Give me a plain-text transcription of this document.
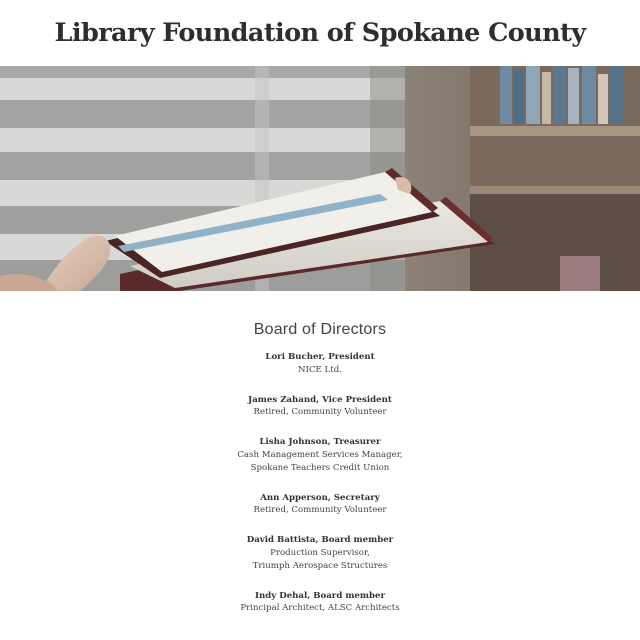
Library Foundation of Spokane County
Board of Directors
Lori Bucher, President
NICE Ltd.
James Zahand, Vice President
Retired, Community Volunteer
Lisha Johnson, Treasurer
Cash Management Services Manager,
Spokane Teachers Credit Union
Ann Apperson, Secretary
Retired, Community Volunteer
David Battista, Board member
Production Supervisor,
Triumph Aerospace Structures
Indy Dehal, Board member
Principal Architect, ALSC Architects
